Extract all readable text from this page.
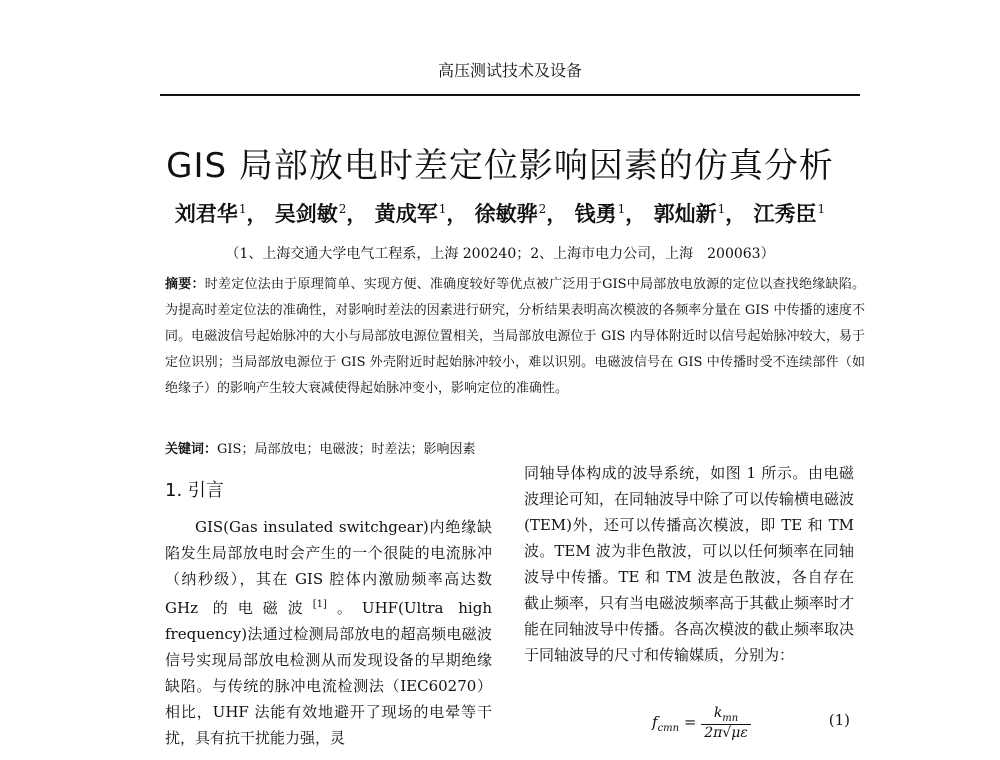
高压测试技术及设备
GIS 局部放电时差定位影响因素的仿真分析
刘君华$^1$， 吴剑敏$^2$， 黄成军$^1$， 徐敏骅$^2$， 钱勇$^1$， 郭灿新$^1$， 江秀臣$^1$
（1、上海交通大学电气工程系，上海 200240；2、上海市电力公司，上海　200063）
摘要：时差定位法由于原理简单、实现方便、准确度较好等优点被广泛用于GIS中局部放电放源的定位以查找绝缘缺陷。为提高时差定位法的准确性，对影响时差法的因素进行研究，分析结果表明高次模波的各频率分量在 GIS 中传播的速度不同。电磁波信号起始脉冲的大小与局部放电源位置相关，当局部放电源位于 GIS 内导体附近时以信号起始脉冲较大，易于定位识别；当局部放电源位于 GIS 外壳附近时起始脉冲较小，难以识别。电磁波信号在 GIS 中传播时受不连续部件（如绝缘子）的影响产生较大衰减使得起始脉冲变小，影响定位的准确性。
关键词：GIS；局部放电；电磁波；时差法；影响因素
1. 引言

GIS(Gas insulated switchgear)内绝缘缺陷发生局部放电时会产生的一个很陡的电流脉冲（纳秒级），其在 GIS 腔体内激励频率高达数 GHz 的电磁波[1]。UHF(Ultra high frequency)法通过检测局部放电的超高频电磁波信号实现局部放电检测从而发现设备的早期绝缘缺陷。与传统的脉冲电流检测法（IEC60270）相比，UHF 法能有效地避开了现场的电晕等干扰，具有抗干扰能力强，灵

同轴导体构成的波导系统，如图 1 所示。由电磁波理论可知，在同轴波导中除了可以传输横电磁波(TEM)外，还可以传播高次模波，即 TE 和 TM 波。TEM 波为非色散波，可以以任何频率在同轴波导中传播。TE 和 TM 波是色散波，各自存在截止频率，只有当电磁波频率高于其截止频率时才能在同轴波导中传播。各高次模波的截止频率取决于同轴波导的尺寸和传输媒质，分别为：

$f_{cmn} = \frac{k_{mn}}{2\pi√\mu\varepsilon}$	(1)
